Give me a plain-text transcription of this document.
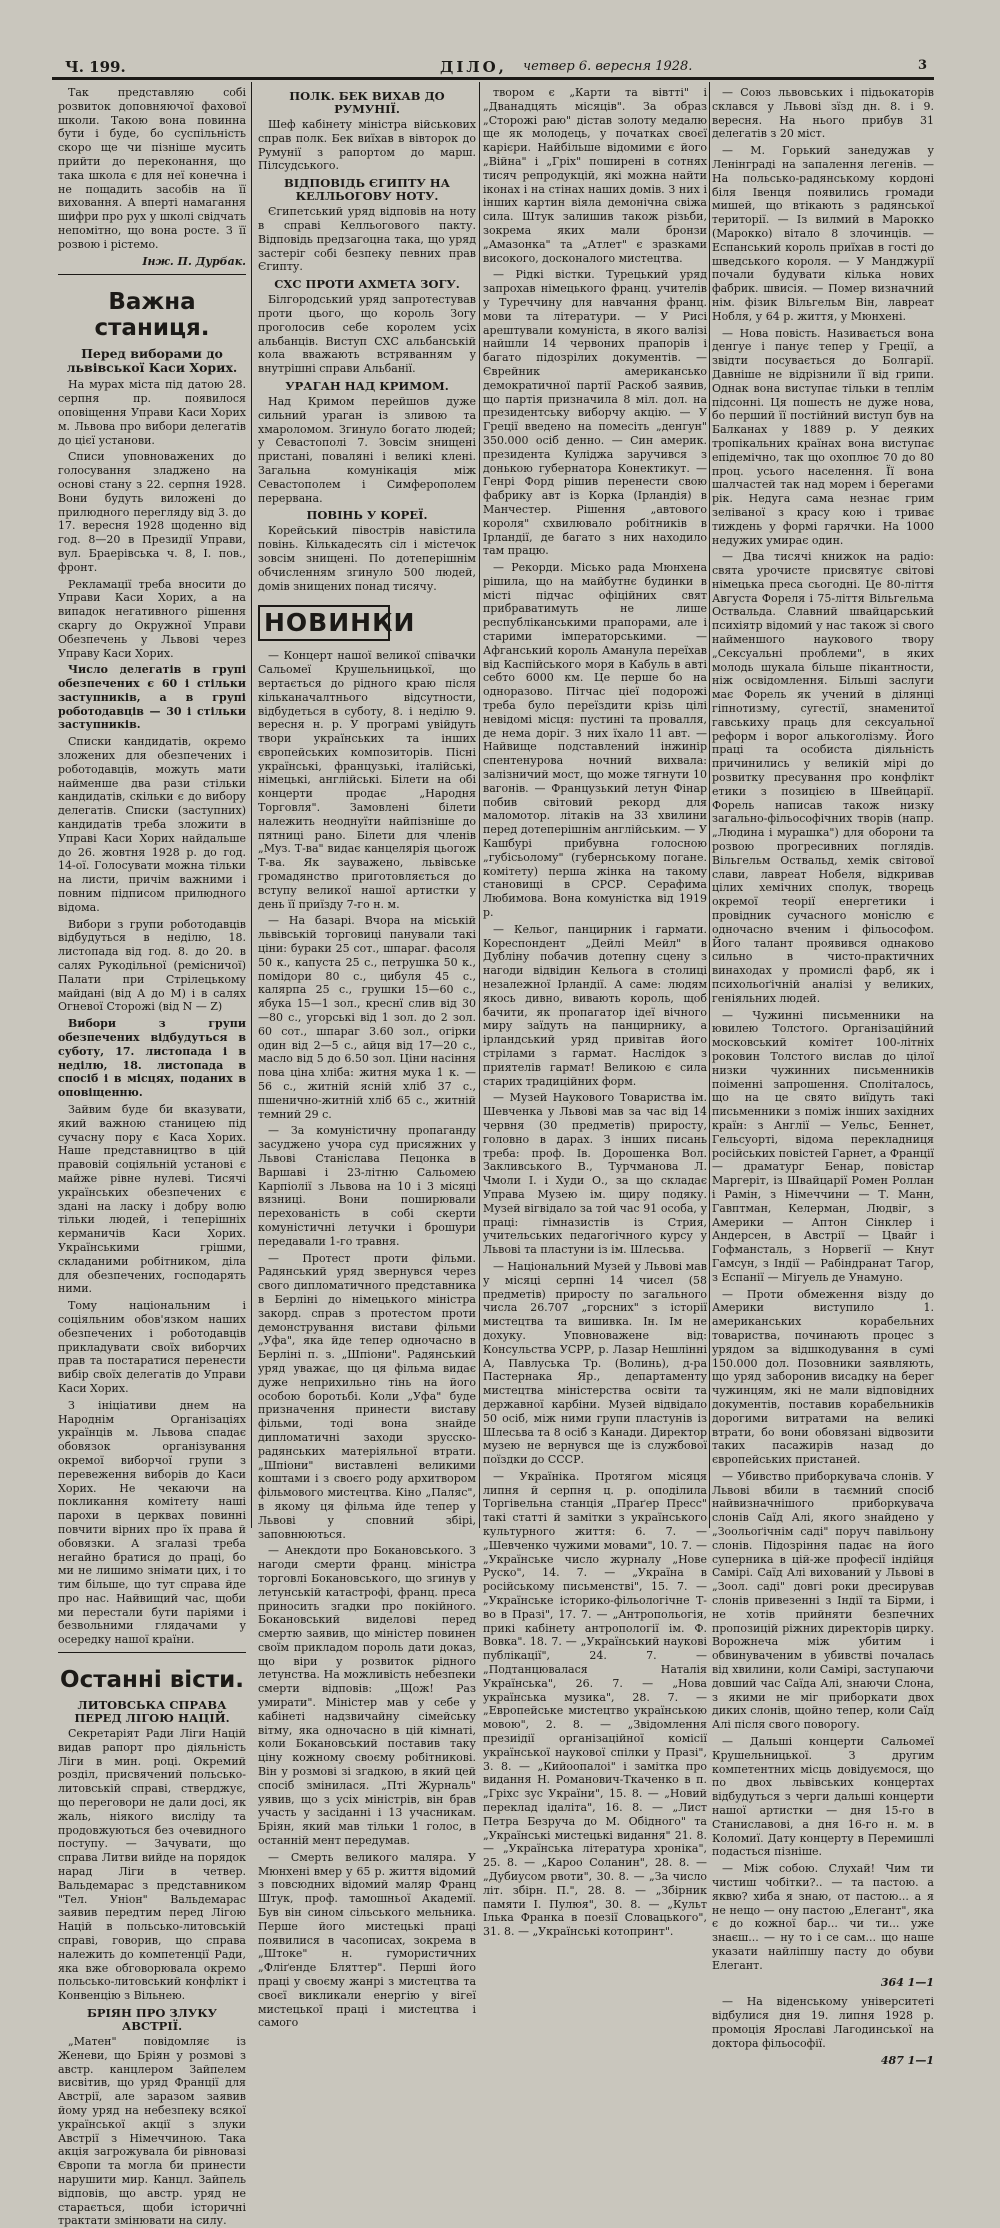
Ч. 199.	ДІЛО, четвер 6. вересня 1928.	3

Так представляю собі розвиток доповняючої фахової школи. Такою вона повинна бути і буде, бо суспільність скоро ще чи пізніше мусить прийти до переконання, що така школа є для неї конечна і не пощадить засобів на її виховання. А вперті намагання шифри про рух у школі свідчать непомітно, що вона росте. З її розвою і рістемо.

Інж. П. Дурбак.
Важна станиця.
Перед виборами до львівської Каси Хорих.

На мурах міста під датою 28. серпня пр. появилося оповіщення Управи Каси Хорих м. Львова про вибори делегатів до цієї установи.

Списи уповноважених до голосування зладжено на основі стану з 22. серпня 1928. Вони будуть виложені до прилюдного перегляду від 3. до 17. вересня 1928 щоденно від год. 8—20 в Президії Управи, вул. Браерівська ч. 8, І. пов., фронт.

Рекламації треба вносити до Управи Каси Хорих, а на випадок негативного рішення скаргу до Окружної Управи Обезпечень у Львові через Управу Каси Хорих.

Число делегатів в групі обезпечених є 60 і стільки заступників, а в групі роботодавців — 30 і стільки заступників.

Списки кандидатів, окремо зложених для обезпечених і роботодавців, можуть мати найменше два рази стільки кандидатів, скільки є до вибору делегатів. Списки (заступних) кандидатів треба зложити в Управі Каси Хорих найдальше до 26. жовтня 1928 р. до год. 14-ої. Голосувати можна тільки на листи, причім важними і повним підписом прилюдного відома.

Вибори з групи роботодавців відбудуться в неділю, 18. листопада від год. 8. до 20. в салях Рукодільної (ремісничої) Палати при Стрілецькому майдані (від А до М) і в салях Огневої Сторожі (від N — Z)

Вибори з групи обезпечених відбудуться в суботу, 17. листопада і в неділю, 18. листопада в спосіб і в місцях, поданих в оповіщенню.

Зайвим буде би вказувати, який важною станицею під сучасну пору є Каса Хорих. Наше представництво в цій правовій соціяльній установі є майже рівне нулеві. Тисячі українських обезпечених є здані на ласку і добру волю тільки людей, і теперішніх керманичів Каси Хорих. Українськими грішми, складаними робітником, діла для обезпечених, господарять ними.

Тому національним і соціяльним обов'язком наших обезпечених і роботодавців прикладувати своїх виборчих прав та постаратися перенести вибір своїх делегатів до Управи Каси Хорих.

З ініціативи днем на Народнім Організаціях українців м. Львова спадає обовязок організування окремої виборчої групи з перевеження виборів до Каси Хорих. Не чекаючи на покликання комітету наші парохи в церквах повинні повчити вірних про їх права й обовязки. А згалазі треба негайно братися до праці, бо ми не лишимо знімати цих, і то тим більше, що тут справа йде про нас. Найвищий час, щоби ми перестали бути паріями і безвольними глядачами у осередку нашої країни.

Останні вісти.
ЛИТОВСЬКА СПРАВА ПЕРЕД ЛІГОЮ НАЦІЙ.

Секретаріят Ради Ліги Націй видав рапорт про діяльність Ліги в мин. році. Окремий розділ, присвячений польсько-литовській справі, стверджує, що переговори не дали досі, як жаль, ніякого висліду та продовжуються без очевидного поступу. — Зачувати, що справа Литви вийде на порядок нарад Ліги в четвер. Вальдемарас з представником "Тел. Уніон" Вальдемарас заявив передтим перед Лігою Націй в польсько-литовській справі, говорив, що справа належить до компетенції Ради, яка вже обговорювала окремо польсько-литовський конфлікт і Конвенцію з Вільнею.

БРІЯН ПРО ЗЛУКУ АВСТРІЇ.

„Матен" повідомляє із Женеви, що Бріян у розмові з австр. канцлером Зайпелем висвітив, що уряд Франції для Австрії, але заразом заявив йому уряд на небезпеку всякої української акції з злуки Австрії з Німеччиною. Така акція загрожувала би рівновазі Європи та могла би принести нарушити мир. Канцл. Зайпель відповів, що австр. уряд не старається, щоби історичні трактати змінювати на силу.

ПОЛК. БЕК ВИХАВ ДО РУМУНІЇ.

Шеф кабінету міністра військових справ полк. Бек виїхав в вівторок до Румунії з рапортом до марш. Пілсудського.

ВІДПОВІДЬ ЄГИПТУ НА КЕЛЛЬОГОВУ НОТУ.

Єгипетський уряд відповів на ноту в справі Келльогового пакту. Відповідь предзагоцна така, що уряд застеріг собі безпеку певних прав Єгипту.

СХС ПРОТИ АХМЕТА ЗОГУ.

Білгородський уряд запротестував проти цього, що король Зогу проголосив себе королем усіх альбанців. Виступ СХС альбанській кола вважають встряванням у внутрішні справи Альбанії.

УРАГАН НАД КРИМОМ.

Над Кримом перейшов дуже сильний ураган із зливою та хмароломом. Згинуло богато людей; у Севастополі 7. Зовсім знищені пристані, поваляні і великі клені. Загальна комунікація між Севастополем і Симферополем перервана.

ПОВІНЬ У КОРЕЇ.

Корейський півострів навістила повінь. Кількадесять сіл і містечок зовсім знищені. По дотеперішнім обчисленням згинуло 500 людей, домів знищених понад тисячу.

НОВИНКИ

— Концерт нашої великої співачки Сальомеї Крушельницької, що вертається до рідного краю після кільканачалтнього відсутности, відбудеться в суботу, 8. і неділю 9. вересня н. р. У програмі увійдуть твори українських та інших європейських композиторів. Пісні українські, французькі, італійські, німецькі, англійські. Білети на обі концерти продає „Народня Торговля". Замовлені білети належить неоднуїти найпізніше до пятниці рано. Білети для членів „Муз. Т-ва" видає канцелярія цьогож Т-ва. Як зауважено, львівське громадянство приготовляється до вступу великої нашої артистки у день її приїзду 7-го н. м.

— На базарі. Вчора на міській львівській торговиці панували такі ціни: бураки 25 сот., шпараг. фасоля 50 к., капуста 25 с., петрушка 50 к., помідори 80 с., цибуля 45 с., калярпа 25 с., грушки 15—60 с., ябука 15—1 зол., креснї слив від 30—80 с., угорські від 1 зол. до 2 зол. 60 сот., шпараг 3.60 зол., огірки один від 2—5 с., айця від 17—20 с., масло від 5 до 6.50 зол. Ціни насіння пова ціна хліба: житня мука 1 к. — 56 с., житній ясній хліб 37 с., пшенично-житній хліб 65 с., житній темний 29 с.

— За комуністичну пропаганду засуджено учора суд присяжних у Львові Станіслава Пецонка в Варшаві і 23-літню Сальомею Карпіолії з Львова на 10 і 3 місяці вязниці. Вони поширювали перехованість в собі скерти комуністичні летучки і брошури передавали 1-го травня.

— Протест проти фільми. Радянський уряд звернувся через свого дипломатичного представника в Берліні до німецького міністра закорд. справ з протестом проти демонстрування вистави фільми „Уфа", яка йде тепер одночасно в Берліні п. з. „Шпіони". Радянський уряд уважає, що ця фільма видає дуже неприхильно тінь на його особою боротьбі. Коли „Уфа" буде призначення принести виставу фільми, тоді вона знайде дипломатичні заходи зрусско-радянських матеріяльної втрати. „Шпіони" виставлені великими коштами і з своєго роду архитвором фільмового мистецтва. Кіно „Паляс", в якому ця фільма йде тепер у Львові у сповний збірі, заповнюються.

— Анекдоти про Бокановського. З нагоди смерти франц. міністра торговлі Бокановського, що згинув у летунській катастрофі, франц. преса приносить згадки про покійного. Бокановський виделові перед смертю заявив, що міністер повинен своїм прикладом пороль дати доказ, що віри у розвиток рідного летунства. На можливість небезпеки смерти відповів: „Щож! Раз умирати". Міністер мав у себе у кабінеті надзвичайну сімейську вітму, яка одночасно в цій кімнаті, коли Бокановський поставив таку ціну кожному своєму робітникові. Він у розмові зі згадкою, в який цей спосіб змінилася. „Пті Журналь" уявив, що з усіх міністрів, він брав участь у засіданні і 13 учасникам. Бріян, який мав тільки 1 голос, в останній мент передумав.

— Смерть великого маляра. У Мюнхені вмер у 65 р. життя відомий з повсюдних відомий маляр Франц Штук, проф. тамошньої Академії. Був він сином сільського мельника. Перше його мистецькі праці появилися в часописах, зокрема в „Штоке" н. гумористичних „Фліґенде Бляттер". Перші його праці у своєму жанрі з мистецтва та своєї викликали енергію у вігеї мистецької праці і мистецтва і самого

твором є „Карти та вівтті" і „Дванадцять місяців". За образ „Сторожі раю" дістав золоту медалю ще як молодець, у початках своєї карієри. Найбільше відомими є його „Війна" і „Гріх" поширені в сотнях тисяч репродукцій, які можна найти іконах і на стінах наших домів. З них і інших картин віяла демонічна свіжа сила. Штук залишив також різьби, зокрема яких мали бронзи „Амазонка" та „Атлет" є зразками високого, досконалого мистецтва.

— Рідкі вістки. Турецький уряд запрохав німецького франц. учителів у Туреччину для навчання франц. мови та літератури. — У Рисі арештували комуніста, в якого валізі найшли 14 червоних прапорів і багато підозрілих документів. — Єврейник американсько демократичної партії Раскоб заявив, що партія призначила 8 міл. дол. на президентську виборчу акцію. — У Греції введено на помесіть „денгун" 350.000 осіб денно. — Син америк. президента Куліджа заручився з донькою губернатора Конектикут. — Генрі Форд рішив перенести свою фабрику авт із Корка (Ірландія) в Манчестер. Рішення „автового короля" схвилювало робітників в Ірландії, де багато з них находило там працю.

— Рекорди. Місько рада Мюнхена рішила, що на майбутнє будинки в місті підчас офіційних свят прибраватимуть не лише республіканськими прапорами, але і старими імператорськими. — Афганський король Аманула переїхав від Каспійського моря в Кабуль в авті себто 6000 км. Це перше бо на одноразово. Пітчас ціеї подорожі треба було переїздити крізь цілі невідомі місця: пустині та провалля, де нема доріг. З них їхало 11 авт. — Найвище подставлений інжинір спентенурова ночний вихвала: залізничий мост, що може тягнути 10 вагонів. — Французький летун Фінар побив світовий рекорд для маломотор. літаків на 33 хвилини перед дотеперішнім англійським. — У Кашбурі прибувна голосною „губісьолому" (губернському погане. комітету) перша жінка на такому становищі в СРСР. Серафима Любимова. Вона комуністка від 1919 р.

— Кельог, панцирник і гармати. Кореспондент „Дейлі Мейл" в Дубліну побачив дотепну сцену з нагоди відвідин Кельога в столиці незалежної Ірландії. А саме: людям якось дивно, вивають король, щоб бачити, як пропагатор ідеї вічного миру заїдуть на панцирнику, а ірландський уряд привітав його стрілами з гармат. Наслідок з приятелів гармат! Великою є сила старих традиційних форм.

— Музей Наукового Товариства ім. Шевченка у Львові мав за час від 14 червня (30 предметів) приросту, головно в дарах. З інших писань треба: проф. Ів. Дорошенка Вол. Закливського В., Турчманова Л. Чмоли І. і Худи О., за що складає Управа Музею ім. щиру подяку. Музей вігвідало за той час 91 особа, у праці: гімназистів із Стрия, учительських педагогічного курсу у Львові та пластуни із ім. Шлесьва.

— Національний Музей у Львові мав у місяці серпні 14 чисел (58 предметів) приросту по загального числа 26.707 „горсних" з історії мистецтва та вишивка. Ін. Ім не дохуку. Уповноважене від: Консульства УСРР, р. Лазар Нешлінні А, Павлуська Тр. (Волинь), д-ра Пастернака Яр., департаменту мистецтва міністерства освіти та державної карбіни. Музей відвідало 50 осіб, між ними групи пластунів із Шлесьва та 8 осіб з Канади. Директор музею не вернувся ще із службової поїздки до СССР.

— Україніка. Протягом місяця липня й серпня ц. р. оподілила Торгівельна станція „Праґер Пресс" такі статті й замітки з українського культурного життя: 6. 7. — „Шевченко чужими мовами", 10. 7. — „Українське число журналу „Нове Руско", 14. 7. — „Україна в російському письменстві", 15. 7. — „Українське історико-фільологічне Т-во в Празі", 17. 7. — „Антропольогія, прикі кабінету антропології ім. Ф. Вовка". 18. 7. — „Український наукові публікації", 24. 7. — „Подтанцювалася Наталія Українська", 26. 7. — „Нова українська музика", 28. 7. — „Европейське мистецтво українською мовою", 2. 8. — „Звідомлення презиідії організаційної комісії української наукової спілки у Празі", 3. 8. — „Кийоопалоі" і замітка про видання Н. Романович-Ткаченко в п. „Гріхс зус України", 15. 8. — „Новий переклад ідаліта", 16. 8. — „Лист Петра Безруча до М. Обідного" та „Українські мистецькі видання" 21. 8. — „Українська література хроніка", 25. 8. — „Кароо Соланин", 28. 8. — „Дубиусом рвоти", 30. 8. — „За число літ. збірн. П.", 28. 8. — „Збірник памяти І. Пулюя", 30. 8. — „Культ Ілька Франка в поезії Словацького", 31. 8. — „Українські котопринт".

— Союз львовських і підьокаторів склався у Львові зїзд дн. 8. і 9. вересня. На нього прибув 31 делегатів з 20 міст.

— М. Горький занедужав у Ленінграді на запалення легенів. — На польсько-радянському кордоні біля Івенця появились громади мишей, що втікають з радянської території. — Із вилмий в Марокко (Марокко) вітало 8 злочинців. — Еспанський король приїхав в гості до шведського короля. — У Манджурії почали будувати кілька нових фабрик. швисія. — Помер визначний нім. фізик Вільгельм Він, лавреат Нобля, у 64 р. життя, у Мюнхені.

— Нова повість. Називається вона денгуе і панує тепер у Греції, а звідти посувається до Болгарії. Давніше не відрізнили її від грипи. Однак вона виступає тільки в теплім підсонні. Ця пошесть не дуже нова, бо перший її постійний виступ був на Балканах у 1889 р. У деяких тропікальних країнах вона виступає епідемічно, так що охоплює 70 до 80 проц. усього населення. Її вона шалчастей так над морем і берегами рік. Недуга сама незнає грим зеліваної з красу кою і триває тиждень у формі гарячки. На 1000 недужих умирає один.

— Два тисячі книжок на радіо: свята урочисте присвятує світові німецька преса сьогодні. Це 80-ліття Августа Фореля і 75-ліття Вільгельма Оствальда. Славний швайцарський психіятр відомий у нас також зі свого найменшого наукового твору „Сексуальні проблеми", в яких молодь шукала більше пікантности, ніж освідомлення. Більші заслуги має Форель як учений в ділянці гіпнотизму, сугестії, знаменитої гавськиху праць для сексуальної реформ і ворог алькоголізму. Його праці та особиста діяльність причинились у великій мірі до розвитку пресування про конфлікт етики з позицією в Швейцарії. Форель написав також низку загально-фільософічних творів (напр. „Людина і мурашка") для оборони та розвою прогресивних поглядів. Вільгельм Оствальд, хемік світової слави, лавреат Нобеля, відкривав цілих хемічних сполук, творець окремої теорії енергетики і провідник сучасного моніслю є одночасно вченим і фільософом. Його талант проявився однаково сильно в чисто-практичних винаходах у промислі фарб, як і психольоґічній аналізі у великих, геніяльних людей.

— Чужинні письменники на ювилею Толстого. Організаційний московський комітет 100-літніх роковин Толстого вислав до цілої низки чужинних письменників поіменні запрошення. Споліталось, що на це свято виїдуть такі письменники з поміж інших західних країн: з Англії — Уельс, Беннет, Гельсуорті, відома перекладниця російських повістей Гарнет, а Франції — драматург Бенар, повістар Маргеріт, із Швайцарії Ромен Роллан і Рамін, з Німеччини — Т. Манн, Гавптман, Келерман, Людвіг, з Америки — Аптон Сінклер і Андерсен, в Австрії — Цвайг і Гофмансталь, з Норвегії — Кнут Гамсун, з Індії — Рабіндранат Тагор, з Еспанії — Мігуель де Унамуно.

— Проти обмеження візду до Америки виступило 1. американських корабельних товариства, починають процес з урядом за відшкодування в сумі 150.000 дол. Позовники заявляють, що уряд заборонив висадку на берег чужинцям, які не мали відповідних документів, поставив корабельників дорогими витратами на великі втрати, бо вони обовязані відвозити таких пасажирів назад до європейських пристаней.

— Убивство приборкувача слонів. У Львові вбили в таємний спосіб найвизначнішого приборкувача слонів Саїд Алі, якого знайдено у „Зоольоґічнім саді" поруч павільону слонів. Підозріння падає на його суперника в цій-же професії індійця Самірі. Саїд Алі вихований у Львові в „Зоол. саді" довгі роки дресирував слонів привезенні з Індії та Бірми, і не хотів прийняти безпечних пропозицій ріжних директорів цирку. Ворожнеча між убитим і обвинуваченим в убивстві почалась від хвилини, коли Самірі, заступаючи довший час Саїда Алі, знаючи Слона, з якими не міг приборкати двох диких слонів, щойно тепер, коли Саїд Алі після свого поворогу.

— Дальші концерти Сальомеї Крушельницької. З другим компетентних місць довідуємося, що по двох львівських концертах відбудуться з черги дальші концерти нашої артистки — дня 15-го в Станиславові, а дня 16-го н. м. в Коломиї. Дату концерту в Перемишлі подасться пізніше.

— Між собою. Слухай! Чим ти чистиш чобітки?.. — та пастою. а яквю? хиба я знаю, от пастою... а я не нещо — ону пастою „Елегант", яка є до кожної бар... чи ти... уже знаєш... — ну то і се сам... що наше указати найліпшу пасту до обуви Елегант.

364 1—1

— На віденському університеті відбулися дня 19. липня 1928 р. промоція Ярославі Лагодинської на доктора фільософії.

487 1—1
